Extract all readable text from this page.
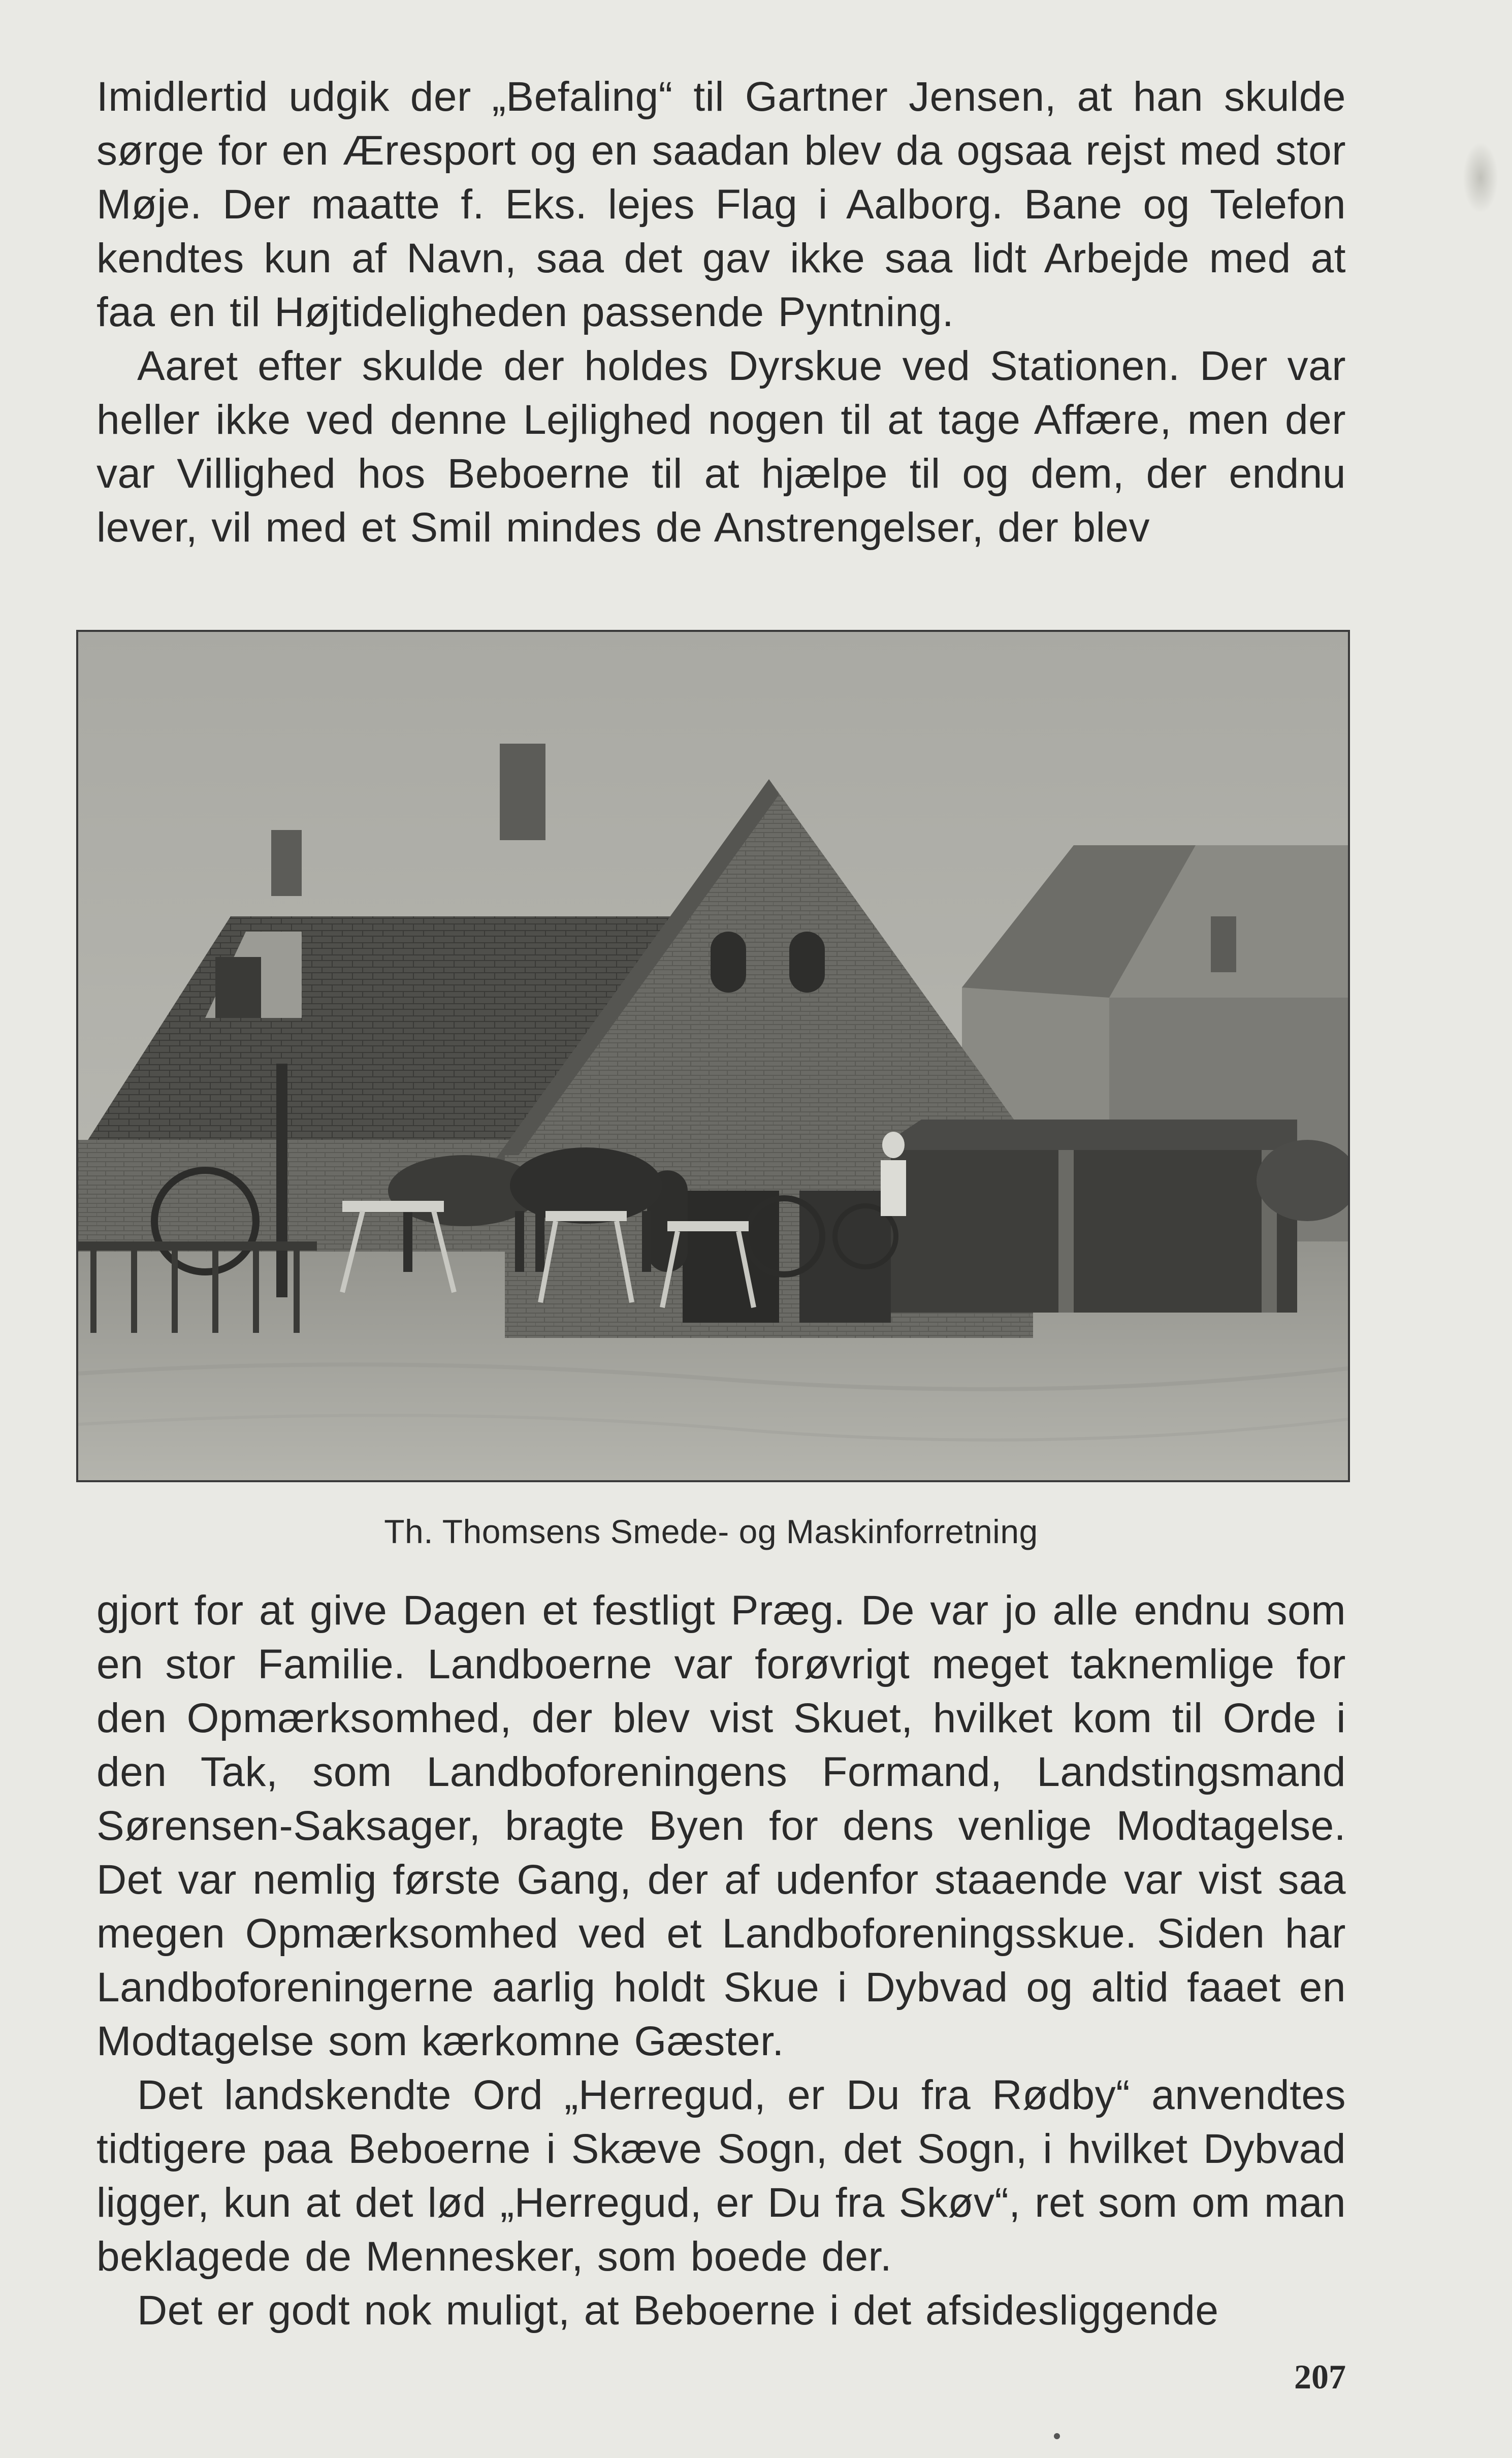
Imidlertid udgik der „Befaling“ til Gartner Jensen, at han skulde sørge for en Æresport og en saadan blev da ogsaa rejst med stor Møje. Der maatte f. Eks. lejes Flag i Aalborg. Bane og Telefon kendtes kun af Navn, saa det gav ikke saa lidt Arbejde med at faa en til Højtideligheden passende Pyntning.

Aaret efter skulde der holdes Dyrskue ved Stationen. Der var heller ikke ved denne Lejlighed nogen til at tage Affære, men der var Villighed hos Beboerne til at hjælpe til og dem, der endnu lever, vil med et Smil mindes de Anstrengelser, der blev

Th. Thomsens Smede- og Maskinforretning

gjort for at give Dagen et festligt Præg. De var jo alle endnu som en stor Familie. Landboerne var forøvrigt meget taknemlige for den Opmærksomhed, der blev vist Skuet, hvilket kom til Orde i den Tak, som Landboforeningens Formand, Landstingsmand Sørensen-Saksager, bragte Byen for dens venlige Modtagelse. Det var nemlig første Gang, der af udenfor staaende var vist saa megen Opmærksomhed ved et Landboforeningsskue. Siden har Landboforeningerne aarlig holdt Skue i Dybvad og altid faaet en Modtagelse som kærkomne Gæster.

Det landskendte Ord „Herregud, er Du fra Rødby“ anvendtes tidtigere paa Beboerne i Skæve Sogn, det Sogn, i hvilket Dybvad ligger, kun at det lød „Herregud, er Du fra Skøv“, ret som om man beklagede de Mennesker, som boede der.

Det er godt nok muligt, at Beboerne i det afsidesliggende

207
